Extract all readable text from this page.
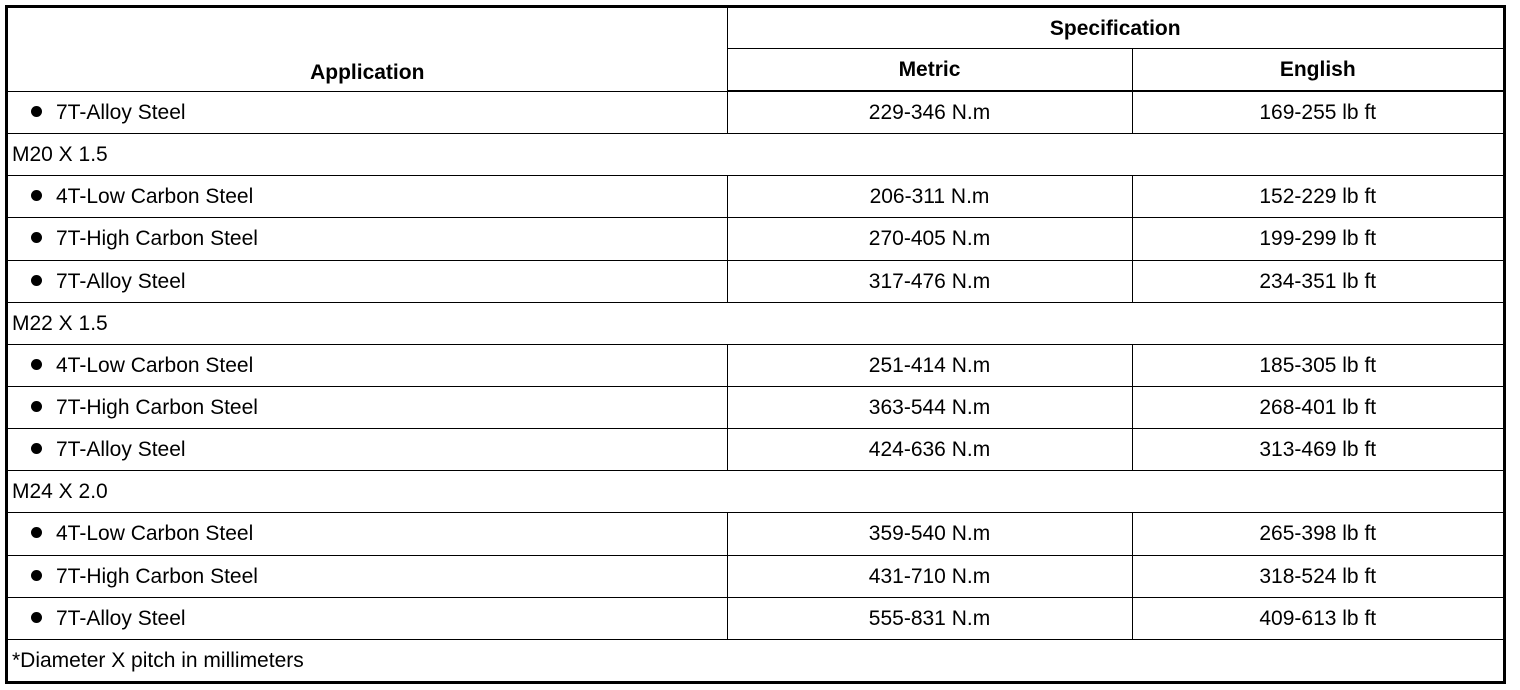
Application	Specification	
	Metric	English
7T-Alloy Steel	229-346 N.m	169-255 lb ft
M20 X 1.5		
4T-Low Carbon Steel	206-311 N.m	152-229 lb ft
7T-High Carbon Steel	270-405 N.m	199-299 lb ft
7T-Alloy Steel	317-476 N.m	234-351 lb ft
M22 X 1.5		
4T-Low Carbon Steel	251-414 N.m	185-305 lb ft
7T-High Carbon Steel	363-544 N.m	268-401 lb ft
7T-Alloy Steel	424-636 N.m	313-469 lb ft
M24 X 2.0		
4T-Low Carbon Steel	359-540 N.m	265-398 lb ft
7T-High Carbon Steel	431-710 N.m	318-524 lb ft
7T-Alloy Steel	555-831 N.m	409-613 lb ft
*Diameter X pitch in millimeters		
